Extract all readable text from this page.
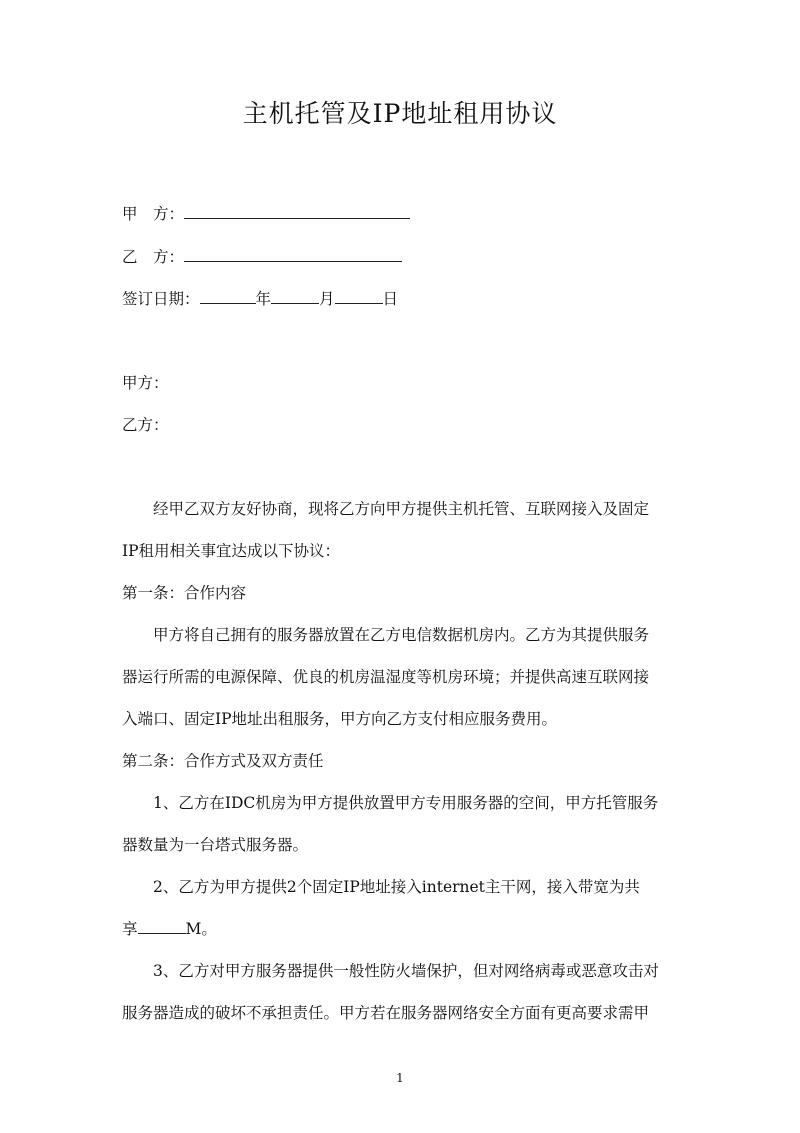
主机托管及IP地址租用协议
甲　方：
乙　方：
签订日期：	年	月	日
甲方：
乙方：
经甲乙双方友好协商，现将乙方向甲方提供主机托管、互联网接入及固定
IP租用相关事宜达成以下协议：
第一条：合作内容
甲方将自己拥有的服务器放置在乙方电信数据机房内。乙方为其提供服务
器运行所需的电源保障、优良的机房温湿度等机房环境；并提供高速互联网接
入端口、固定IP地址出租服务，甲方向乙方支付相应服务费用。
第二条：合作方式及双方责任
1、乙方在IDC机房为甲方提供放置甲方专用服务器的空间，甲方托管服务
器数量为一台塔式服务器。
2、乙方为甲方提供2个固定IP地址接入internet主干网，接入带宽为共
享	M。
3、乙方对甲方服务器提供一般性防火墙保护，但对网络病毒或恶意攻击对
服务器造成的破坏不承担责任。甲方若在服务器网络安全方面有更高要求需甲
1
